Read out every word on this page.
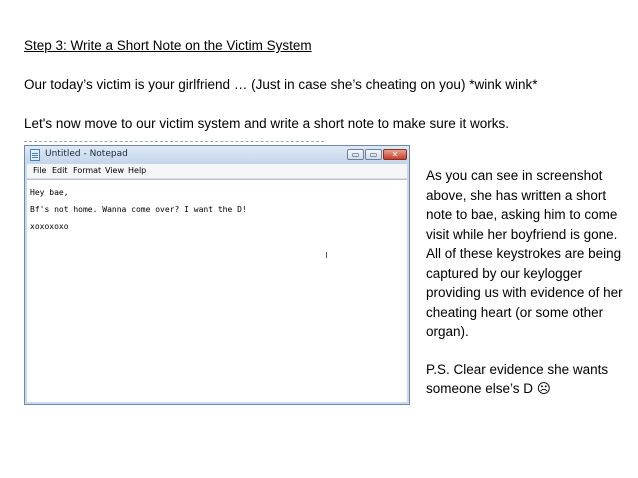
Step 3: Write a Short Note on the Victim System
Our today’s victim is your girlfriend … (Just in case she’s cheating on you) *wink wink*
Let's now move to our victim system and write a short note to make sure it works.
Untitled - Notepad	▭	▭	✕
File Edit Format View Help
Hey bae,
Bf's not home. Wanna come over? I want the D!
xoxoxoxo

As you can see in screenshot above, she has written a short note to bae, asking him to come visit while her boyfriend is gone. All of these keystrokes are being captured by our keylogger providing us with evidence of her cheating heart (or some other organ).

P.S. Clear evidence she wants someone else’s D ☹
